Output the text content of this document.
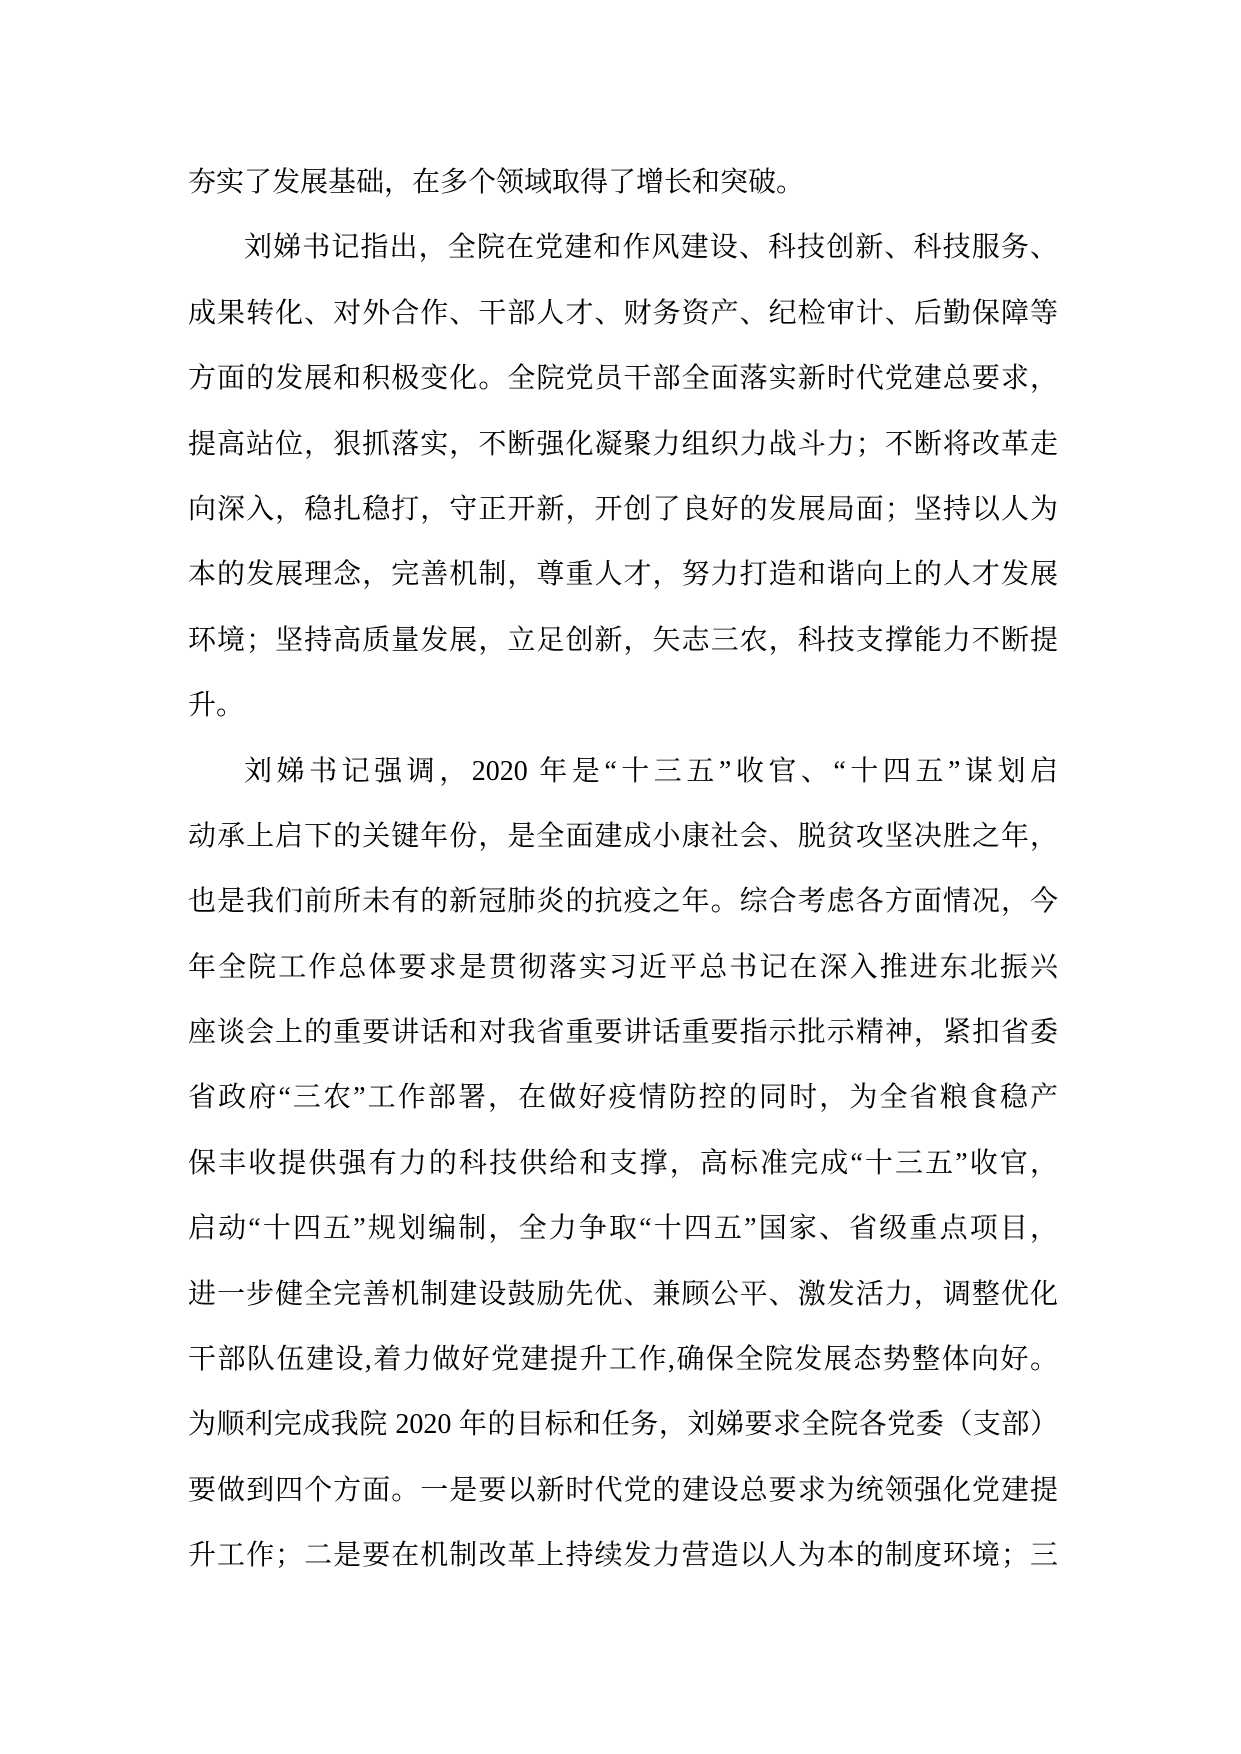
夯实了发展基础，在多个领域取得了增长和突破。
刘娣书记指出，全院在党建和作风建设、科技创新、科技服务、
成果转化、对外合作、干部人才、财务资产、纪检审计、后勤保障等
方面的发展和积极变化。全院党员干部全面落实新时代党建总要求，
提高站位，狠抓落实，不断强化凝聚力组织力战斗力；不断将改革走
向深入，稳扎稳打，守正开新，开创了良好的发展局面；坚持以人为
本的发展理念，完善机制，尊重人才，努力打造和谐向上的人才发展
环境；坚持高质量发展，立足创新，矢志三农，科技支撑能力不断提
升。
刘娣书记强调，2020 年是“十三五”收官、“十四五”谋划启
动承上启下的关键年份，是全面建成小康社会、脱贫攻坚决胜之年，
也是我们前所未有的新冠肺炎的抗疫之年。综合考虑各方面情况，今
年全院工作总体要求是贯彻落实习近平总书记在深入推进东北振兴
座谈会上的重要讲话和对我省重要讲话重要指示批示精神，紧扣省委
省政府“三农”工作部署，在做好疫情防控的同时，为全省粮食稳产
保丰收提供强有力的科技供给和支撑，高标准完成“十三五”收官，
启动“十四五”规划编制，全力争取“十四五”国家、省级重点项目，
进一步健全完善机制建设鼓励先优、兼顾公平、激发活力，调整优化
干部队伍建设,着力做好党建提升工作,确保全院发展态势整体向好。
为顺利完成我院 2020 年的目标和任务，刘娣要求全院各党委（支部）
要做到四个方面。一是要以新时代党的建设总要求为统领强化党建提
升工作；二是要在机制改革上持续发力营造以人为本的制度环境；三
